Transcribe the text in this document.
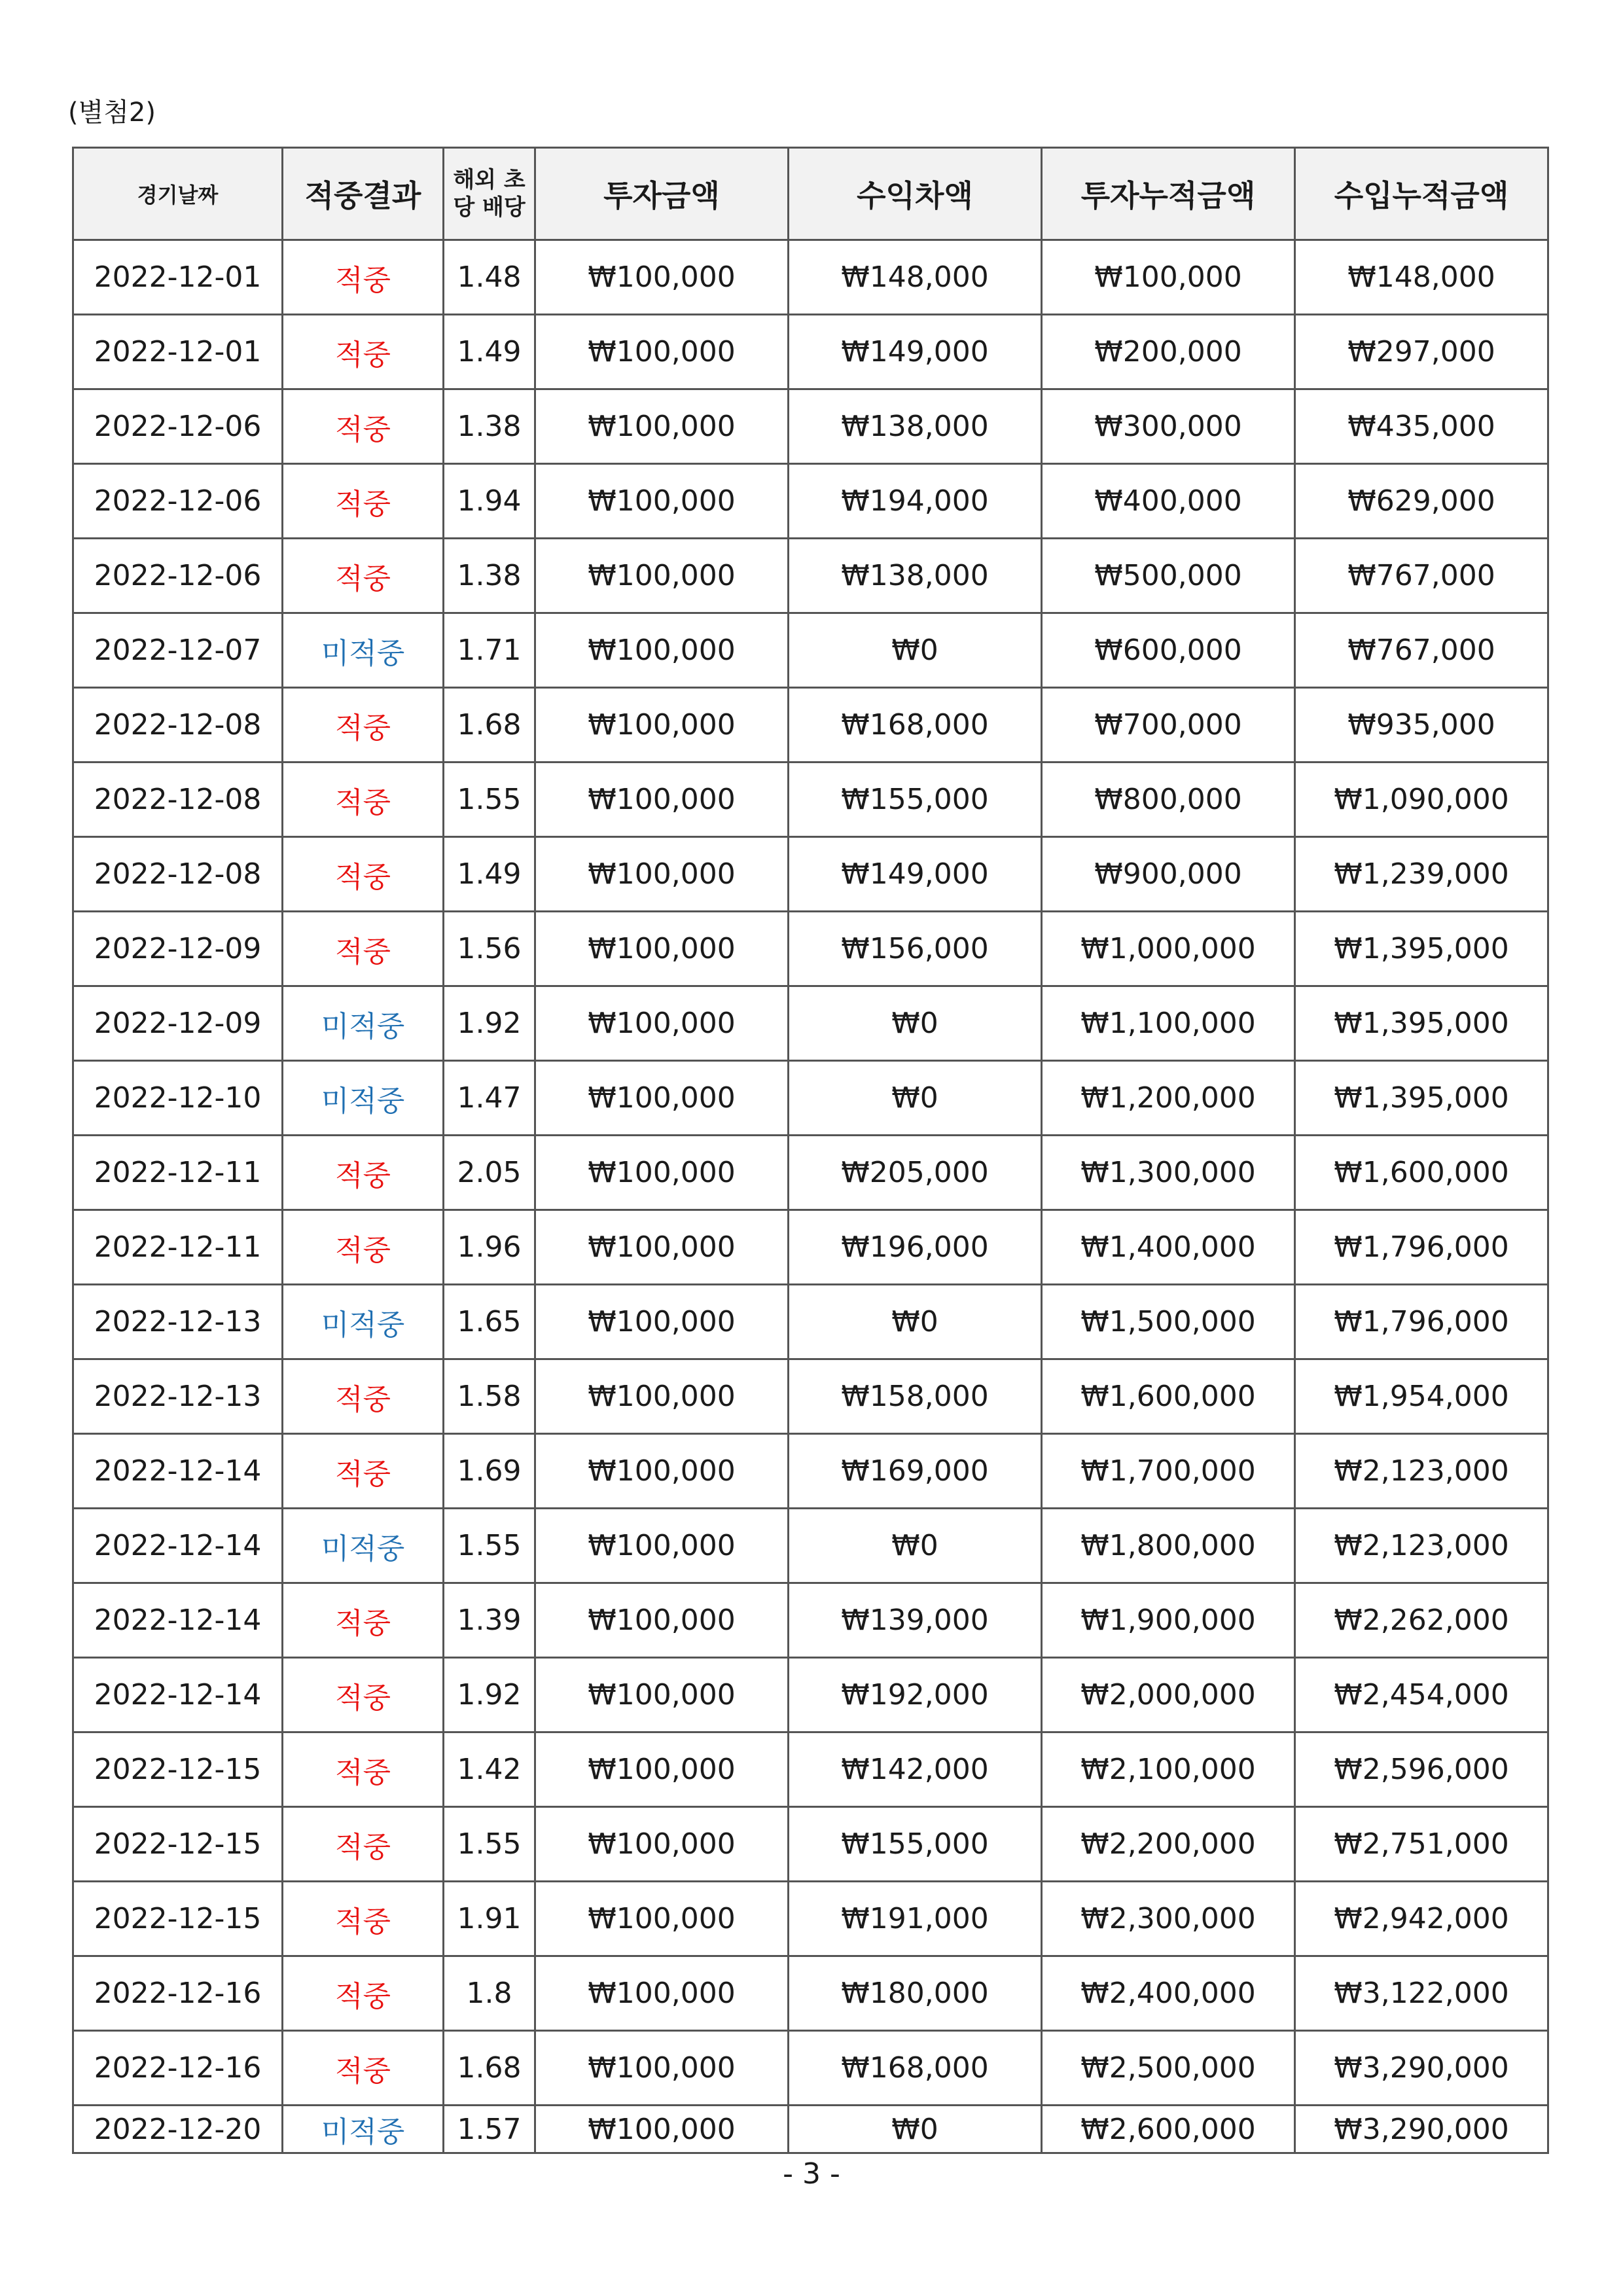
(별첨2)
경기날짜	적중결과	해외 초당 배당	투자금액	수익차액	투자누적금액	수입누적금액
2022-12-01	적중	1.48	₩100,000	₩148,000	₩100,000	₩148,000
2022-12-01	적중	1.49	₩100,000	₩149,000	₩200,000	₩297,000
2022-12-06	적중	1.38	₩100,000	₩138,000	₩300,000	₩435,000
2022-12-06	적중	1.94	₩100,000	₩194,000	₩400,000	₩629,000
2022-12-06	적중	1.38	₩100,000	₩138,000	₩500,000	₩767,000
2022-12-07	미적중	1.71	₩100,000	₩0	₩600,000	₩767,000
2022-12-08	적중	1.68	₩100,000	₩168,000	₩700,000	₩935,000
2022-12-08	적중	1.55	₩100,000	₩155,000	₩800,000	₩1,090,000
2022-12-08	적중	1.49	₩100,000	₩149,000	₩900,000	₩1,239,000
2022-12-09	적중	1.56	₩100,000	₩156,000	₩1,000,000	₩1,395,000
2022-12-09	미적중	1.92	₩100,000	₩0	₩1,100,000	₩1,395,000
2022-12-10	미적중	1.47	₩100,000	₩0	₩1,200,000	₩1,395,000
2022-12-11	적중	2.05	₩100,000	₩205,000	₩1,300,000	₩1,600,000
2022-12-11	적중	1.96	₩100,000	₩196,000	₩1,400,000	₩1,796,000
2022-12-13	미적중	1.65	₩100,000	₩0	₩1,500,000	₩1,796,000
2022-12-13	적중	1.58	₩100,000	₩158,000	₩1,600,000	₩1,954,000
2022-12-14	적중	1.69	₩100,000	₩169,000	₩1,700,000	₩2,123,000
2022-12-14	미적중	1.55	₩100,000	₩0	₩1,800,000	₩2,123,000
2022-12-14	적중	1.39	₩100,000	₩139,000	₩1,900,000	₩2,262,000
2022-12-14	적중	1.92	₩100,000	₩192,000	₩2,000,000	₩2,454,000
2022-12-15	적중	1.42	₩100,000	₩142,000	₩2,100,000	₩2,596,000
2022-12-15	적중	1.55	₩100,000	₩155,000	₩2,200,000	₩2,751,000
2022-12-15	적중	1.91	₩100,000	₩191,000	₩2,300,000	₩2,942,000
2022-12-16	적중	1.8	₩100,000	₩180,000	₩2,400,000	₩3,122,000
2022-12-16	적중	1.68	₩100,000	₩168,000	₩2,500,000	₩3,290,000
2022-12-20	미적중	1.57	₩100,000	₩0	₩2,600,000	₩3,290,000
- 3 -
